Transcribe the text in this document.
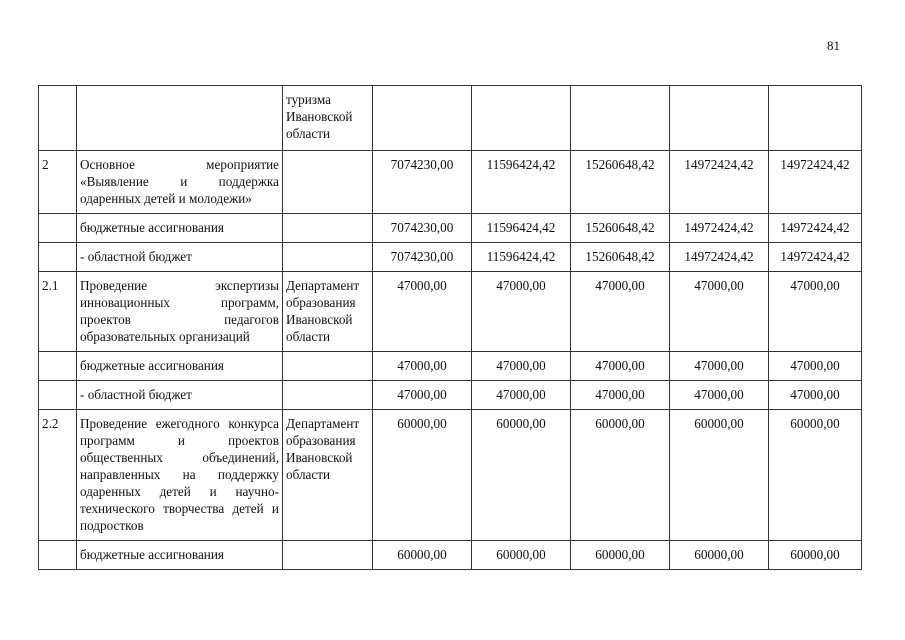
81
		туризма Ивановской области					
2	Основное мероприятие «Выявление и поддержка одаренных детей и молодежи»		7074230,00	11596424,42	15260648,42	14972424,42	14972424,42
	бюджетные ассигнования		7074230,00	11596424,42	15260648,42	14972424,42	14972424,42
	- областной бюджет		7074230,00	11596424,42	15260648,42	14972424,42	14972424,42
2.1	Проведение экспертизы инновационных программ, проектов педагогов образовательных организаций	Департамент образования Ивановской области	47000,00	47000,00	47000,00	47000,00	47000,00
	бюджетные ассигнования		47000,00	47000,00	47000,00	47000,00	47000,00
	- областной бюджет		47000,00	47000,00	47000,00	47000,00	47000,00
2.2	Проведение ежегодного конкурса программ и проектов общественных объединений, направленных на поддержку одаренных детей и научно-технического творчества детей и подростков	Департамент образования Ивановской области	60000,00	60000,00	60000,00	60000,00	60000,00
	бюджетные ассигнования		60000,00	60000,00	60000,00	60000,00	60000,00
